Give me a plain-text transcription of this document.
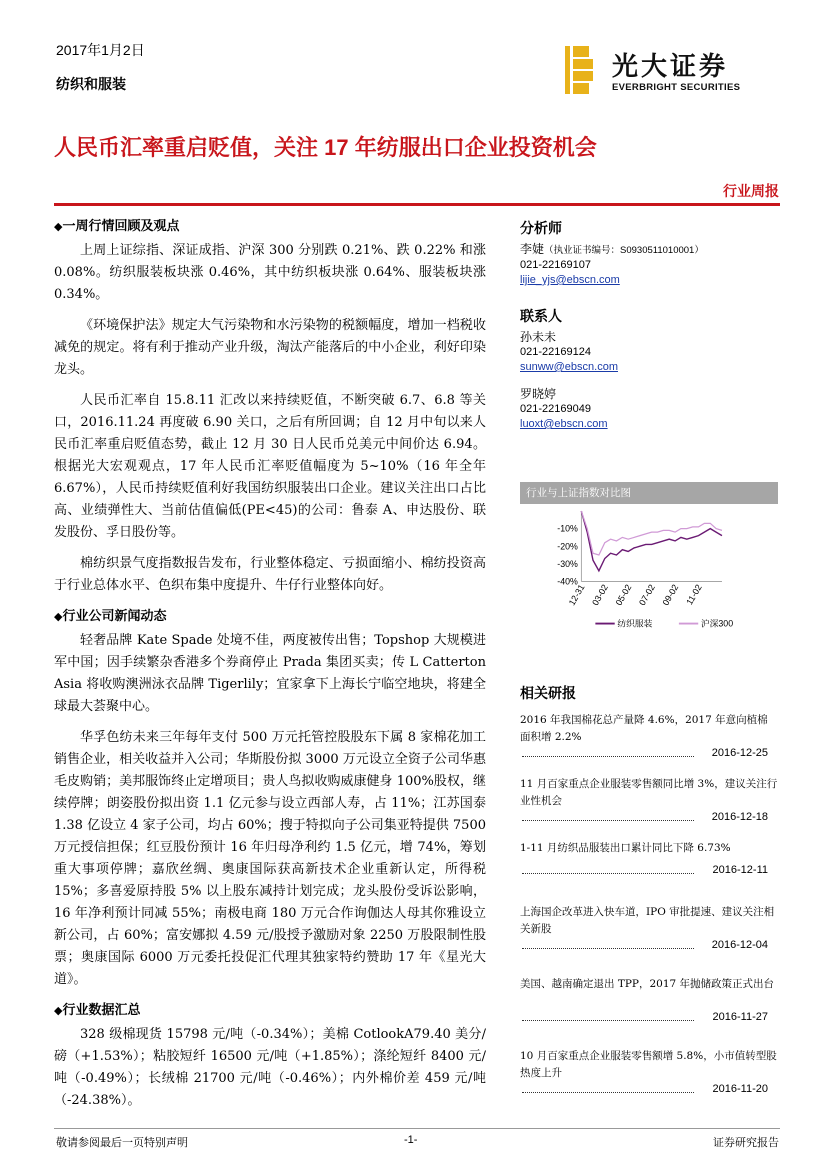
2017年1月2日
纺织和服装
光大证券
EVERBRIGHT SECURITIES
人民币汇率重启贬值，关注 17 年纺服出口企业投资机会
行业周报
◆一周行情回顾及观点

上周上证综指、深证成指、沪深 300 分别跌 0.21%、跌 0.22% 和涨 0.08%。纺织服装板块涨 0.46%，其中纺织板块涨 0.64%、服装板块涨 0.34%。

《环境保护法》规定大气污染物和水污染物的税额幅度，增加一档税收减免的规定。将有利于推动产业升级，淘汰产能落后的中小企业，利好印染龙头。

人民币汇率自 15.8.11 汇改以来持续贬值，不断突破 6.7、6.8 等关口，2016.11.24 再度破 6.90 关口，之后有所回调；自 12 月中旬以来人民币汇率重启贬值态势，截止 12 月 30 日人民币兑美元中间价达 6.94。根据光大宏观观点，17 年人民币汇率贬值幅度为 5~10%（16 年全年 6.67%），人民币持续贬值利好我国纺织服装出口企业。建议关注出口占比高、业绩弹性大、当前估值偏低(PE<45)的公司：鲁泰 A、申达股份、联发股份、孚日股份等。

棉纺织景气度指数报告发布，行业整体稳定、亏损面缩小、棉纺投资高于行业总体水平、色织布集中度提升、牛仔行业整体向好。

◆行业公司新闻动态

轻奢品牌 Kate Spade 处境不佳，两度被传出售；Topshop 大规模进军中国；因手续繁杂香港多个券商停止 Prada 集团买卖；传 L Catterton Asia 将收购澳洲泳衣品牌 Tigerlily；宜家拿下上海长宁临空地块，将建全球最大荟聚中心。

华孚色纺未来三年每年支付 500 万元托管控股股东下属 8 家棉花加工销售企业，相关收益并入公司；华斯股份拟 3000 万元设立全资子公司华惠毛皮购销；美邦服饰终止定增项目；贵人鸟拟收购威康健身 100%股权，继续停牌；朗姿股份拟出资 1.1 亿元参与设立西部人寿，占 11%；江苏国泰 1.38 亿设立 4 家子公司，均占 60%；搜于特拟向子公司集亚特提供 7500 万元授信担保；红豆股份预计 16 年归母净利约 1.5 亿元，增 74%，筹划重大事项停牌；嘉欣丝绸、奥康国际获高新技术企业重新认定，所得税 15%；多喜爱原持股 5% 以上股东减持计划完成；龙头股份受诉讼影响，16 年净利预计同减 55%；南极电商 180 万元合作询伽达人母其你雅设立新公司，占 60%；富安娜拟 4.59 元/股授予激励对象 2250 万股限制性股票；奥康国际 6000 万元委托投促汇代理其独家特约赞助 17 年《星光大道》。

◆行业数据汇总

328 级棉现货 15798 元/吨（-0.34%）；美棉 CotlookA79.40 美分/磅（+1.53%）；粘胶短纤 16500 元/吨（+1.85%）；涤纶短纤 8400 元/吨（-0.49%）；长绒棉 21700 元/吨（-0.46%）；内外棉价差 459 元/吨（-24.38%）。

分析师

李婕（执业证书编号：S0930511010001）

021-22169107

lijie_yjs@ebscn.com

联系人

孙未未

021-22169124

sunww@ebscn.com

罗晓婷

021-22169049

luoxt@ebscn.com

行业与上证指数对比图
-10%
-20%
-30%
-40%
12-31 03-02 05-02 07-02 09-02 11-02
纺织服装	沪深300
相关研报
2016 年我国棉花总产量降 4.6%，2017 年意向植棉面积增 2.2%
2016-12-25
11 月百家重点企业服装零售额同比增 3%，建议关注行业性机会
2016-12-18
1-11 月纺织品服装出口累计同比下降 6.73%
2016-12-11
上海国企改革进入快车道，IPO 审批提速、建议关注相关新股
2016-12-04
美国、越南确定退出 TPP，2017 年抛储政策正式出台
2016-11-27
10 月百家重点企业服装零售额增 5.8%，小市值转型股热度上升
2016-11-20
敬请参阅最后一页特别声明	-1-	证券研究报告
